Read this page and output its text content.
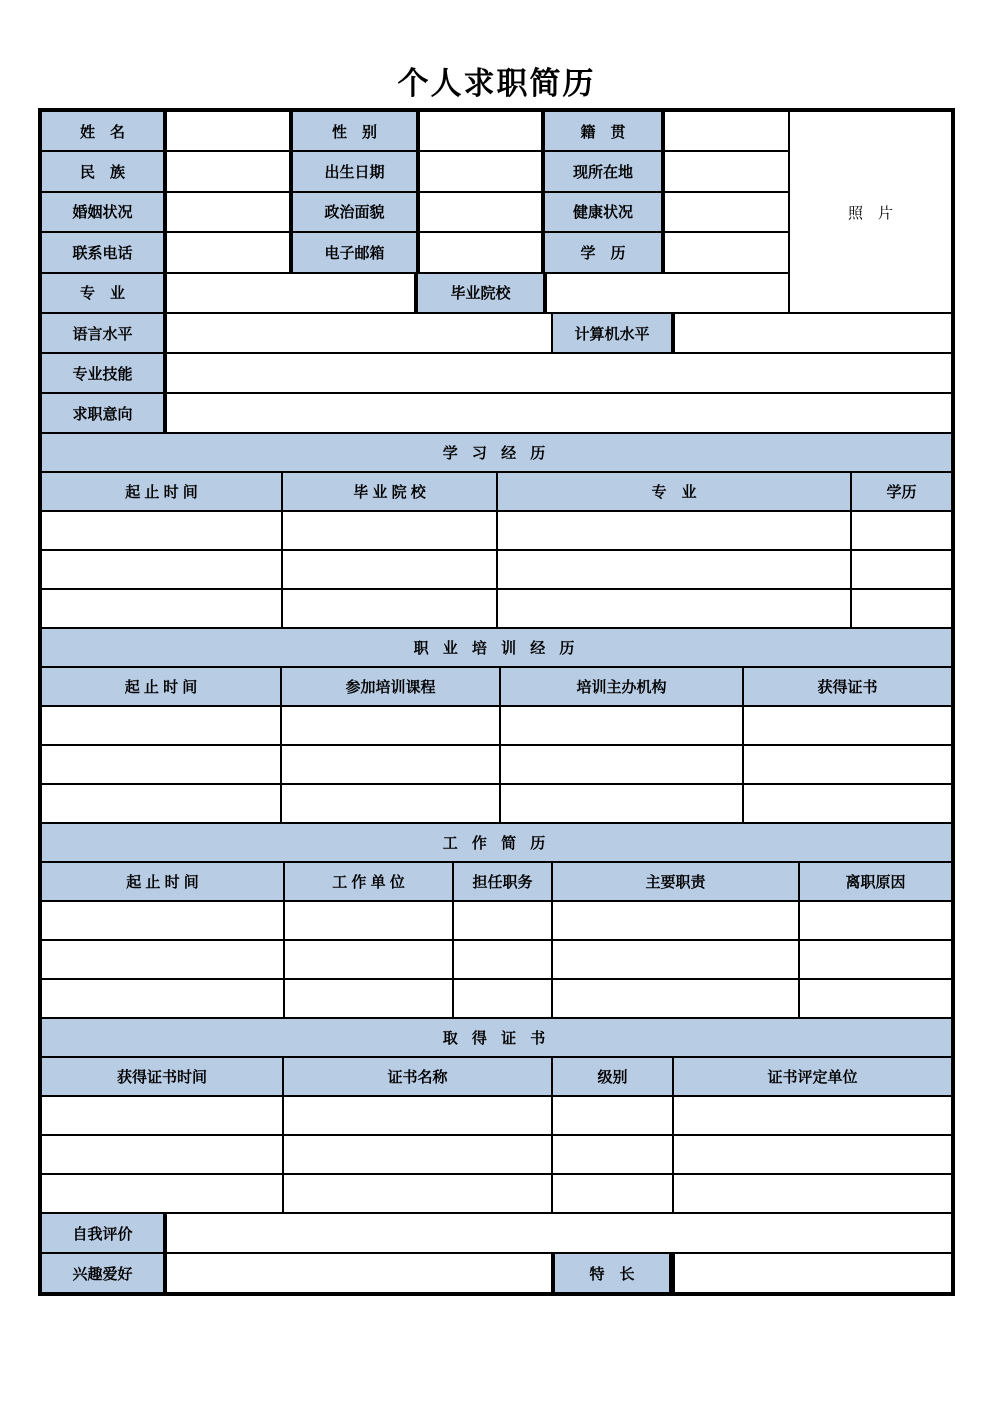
个人求职简历
照　片
姓　名	性　别	籍　贯
民　族	出生日期	现所在地
婚姻状况	政治面貌	健康状况
联系电话	电子邮箱	学　历
专　业	毕业院校
语言水平	计算机水平
专业技能
求职意向
学 习 经 历
起 止 时 间	毕 业 院 校	专　业	学历
职 业 培 训 经 历
起 止 时 间	参加培训课程	培训主办机构	获得证书
工 作 简 历
起 止 时 间	工 作 单 位	担任职务	主要职责	离职原因
取 得 证 书
获得证书时间	证书名称	级别	证书评定单位
自我评价
兴趣爱好	特　长
